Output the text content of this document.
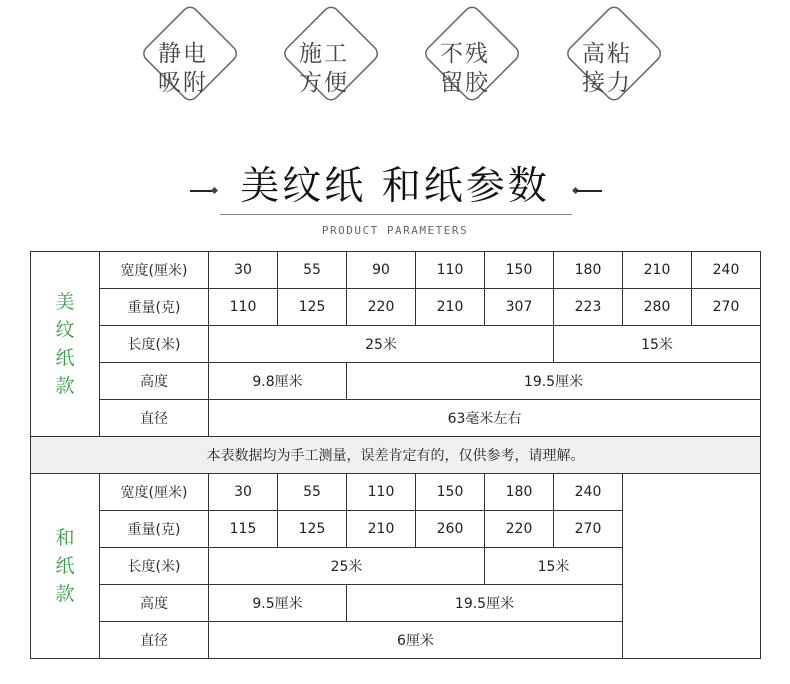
静电
吸附
施工
方便
不残
留胶
高粘
接力
美纹纸 和纸参数
PRODUCT PARAMETERS
美
纹
纸
款
宽度(厘米)	30	55	90	110	150	180	210	240
重量(克)	110	125	220	210	307	223	280	270
长度(米)	25米	15米
高度	9.8厘米	19.5厘米
直径	63毫米左右
本表数据均为手工测量，误差肯定有的，仅供参考，请理解。
和
纸
款
宽度(厘米)	30	55	110	150	180	240
重量(克)	115	125	210	260	220	270
长度(米)	25米	15米
高度	9.5厘米	19.5厘米
直径	6厘米
